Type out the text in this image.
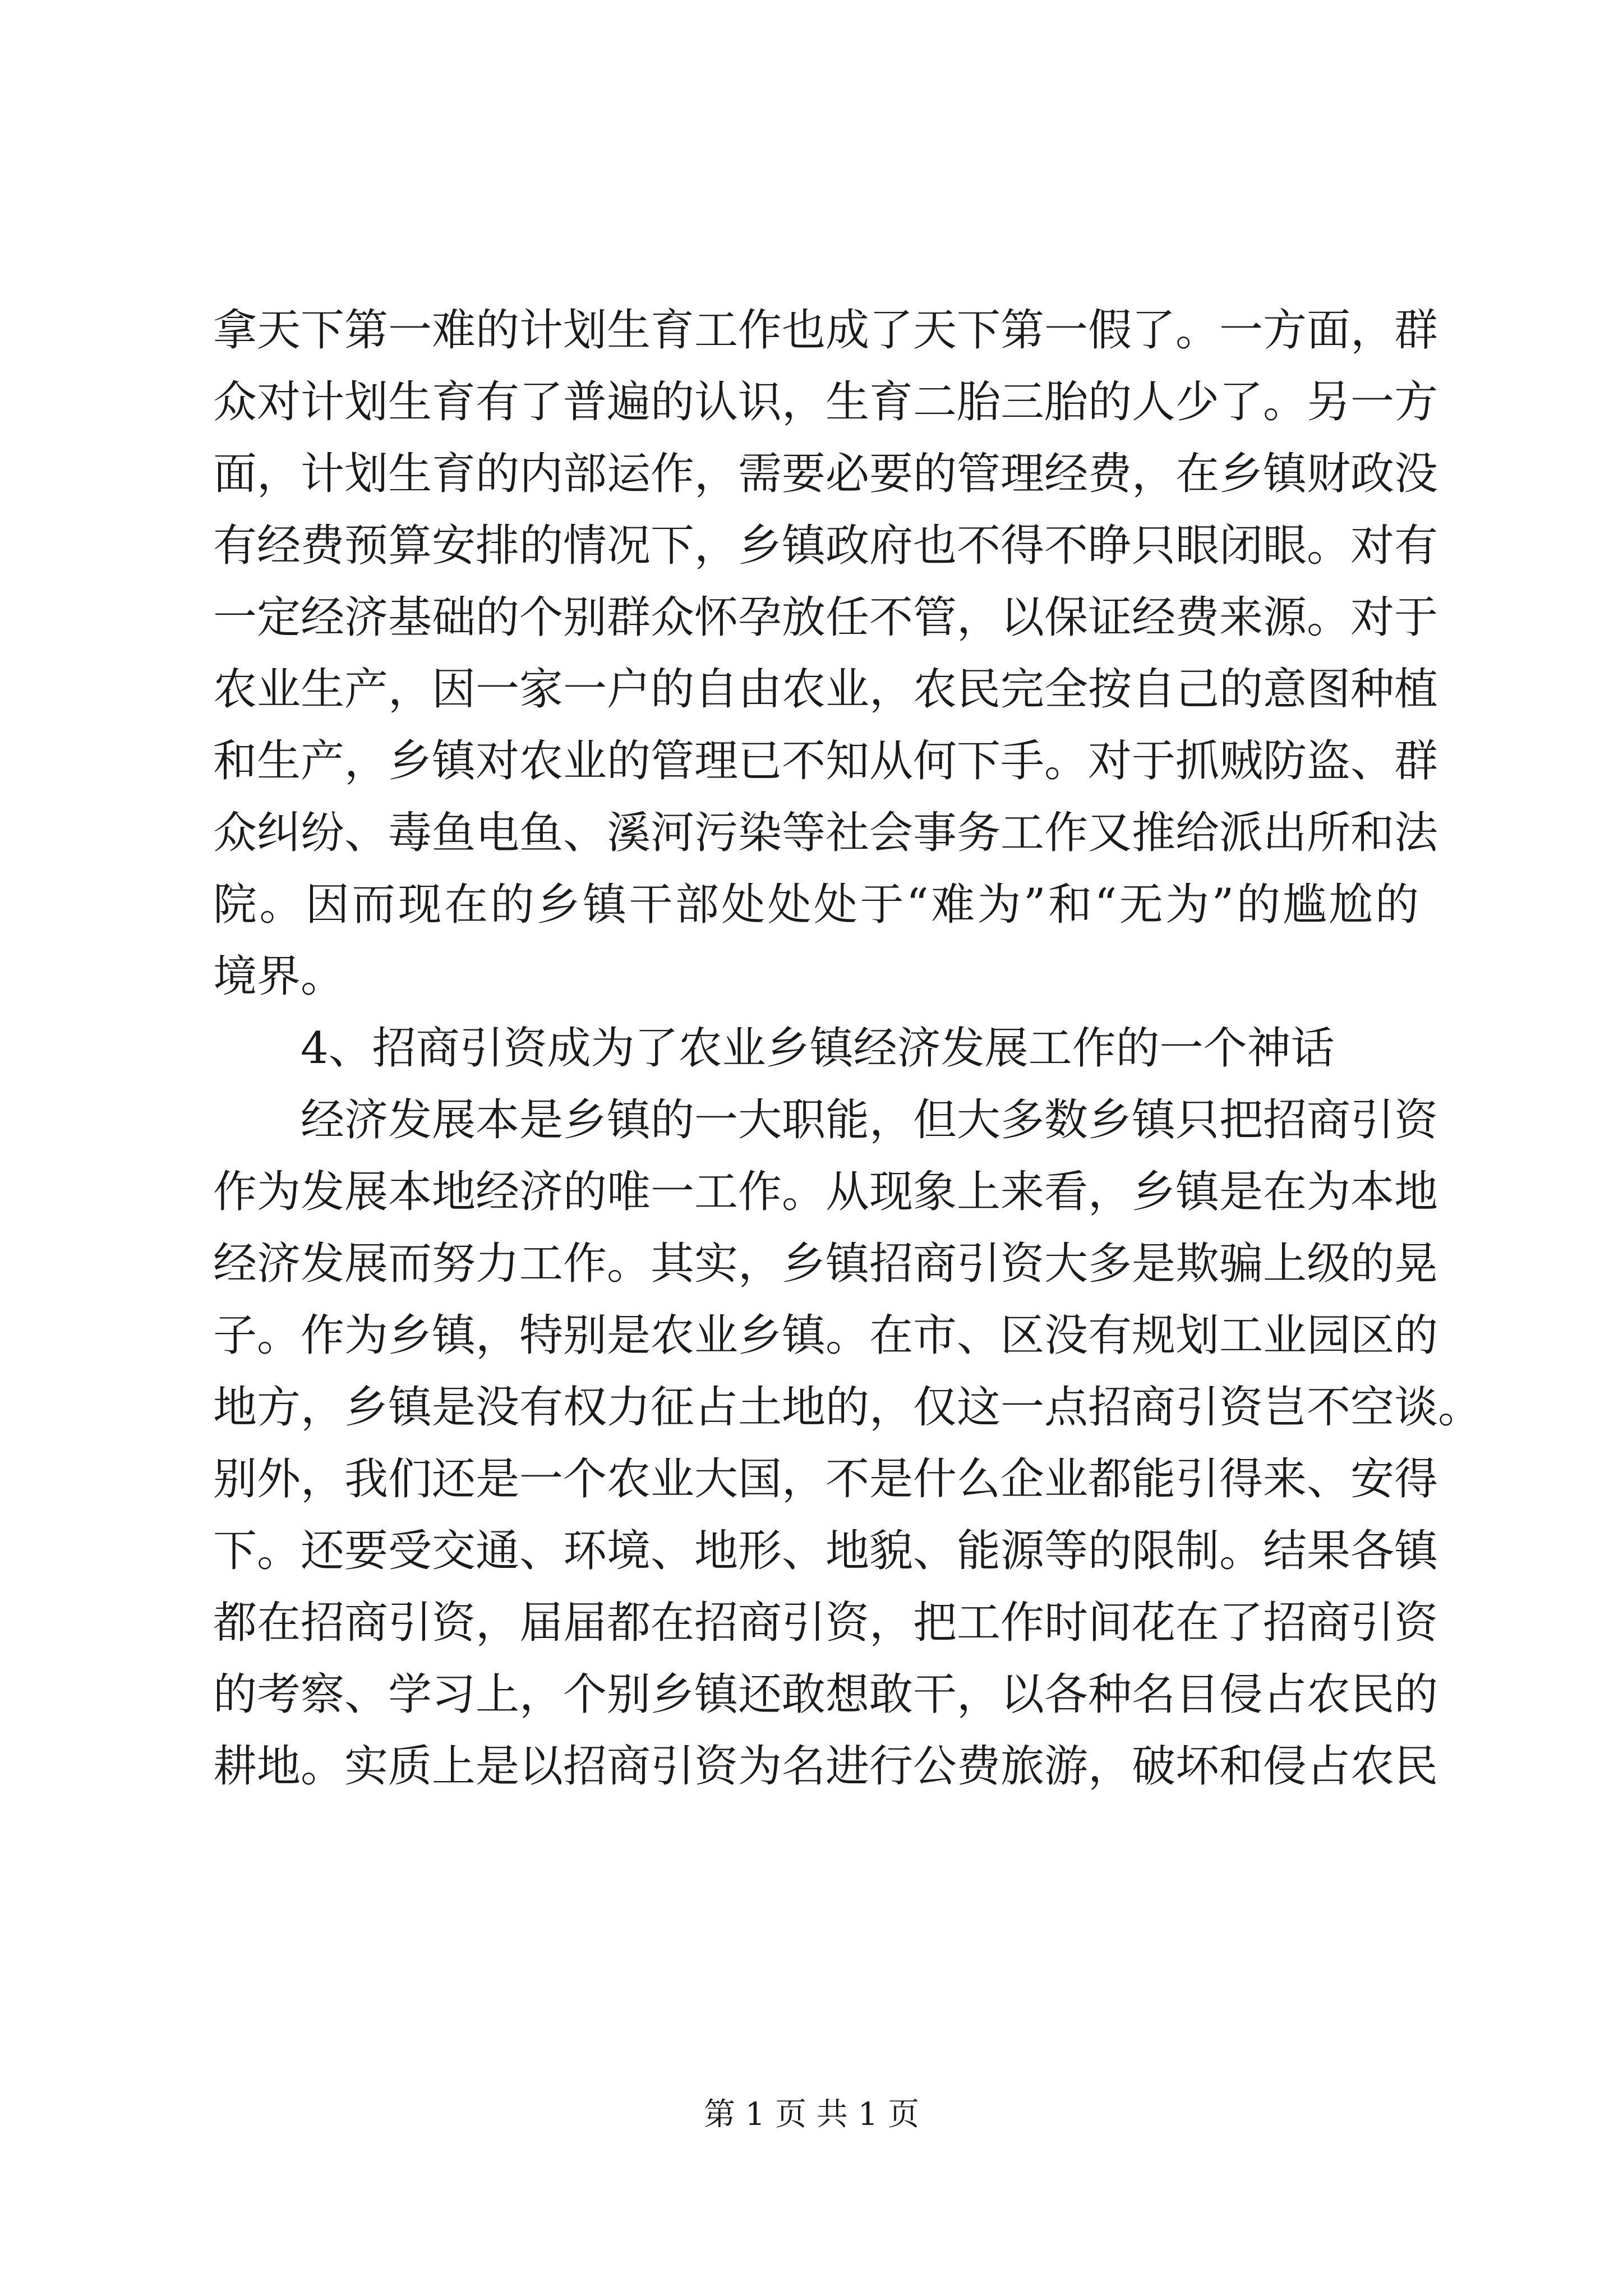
拿天下第一难的计划生育工作也成了天下第一假了。一方面，群
众对计划生育有了普遍的认识，生育二胎三胎的人少了。另一方
面，计划生育的内部运作，需要必要的管理经费，在乡镇财政没
有经费预算安排的情况下，乡镇政府也不得不睁只眼闭眼。对有
一定经济基础的个别群众怀孕放任不管，以保证经费来源。对于
农业生产，因一家一户的自由农业，农民完全按自己的意图种植
和生产，乡镇对农业的管理已不知从何下手。对于抓贼防盗、群
众纠纷、毒鱼电鱼、溪河污染等社会事务工作又推给派出所和法
院。因而现在的乡镇干部处处处于“难为”和“无为”的尴尬的
境界。
4、招商引资成为了农业乡镇经济发展工作的一个神话
经济发展本是乡镇的一大职能，但大多数乡镇只把招商引资
作为发展本地经济的唯一工作。从现象上来看，乡镇是在为本地
经济发展而努力工作。其实，乡镇招商引资大多是欺骗上级的晃
子。作为乡镇，特别是农业乡镇。在市、区没有规划工业园区的
地方，乡镇是没有权力征占土地的，仅这一点招商引资岂不空谈。
别外，我们还是一个农业大国，不是什么企业都能引得来、安得
下。还要受交通、环境、地形、地貌、能源等的限制。结果各镇
都在招商引资，届届都在招商引资，把工作时间花在了招商引资
的考察、学习上，个别乡镇还敢想敢干，以各种名目侵占农民的
耕地。实质上是以招商引资为名进行公费旅游，破坏和侵占农民
第 1 页 共 1 页
